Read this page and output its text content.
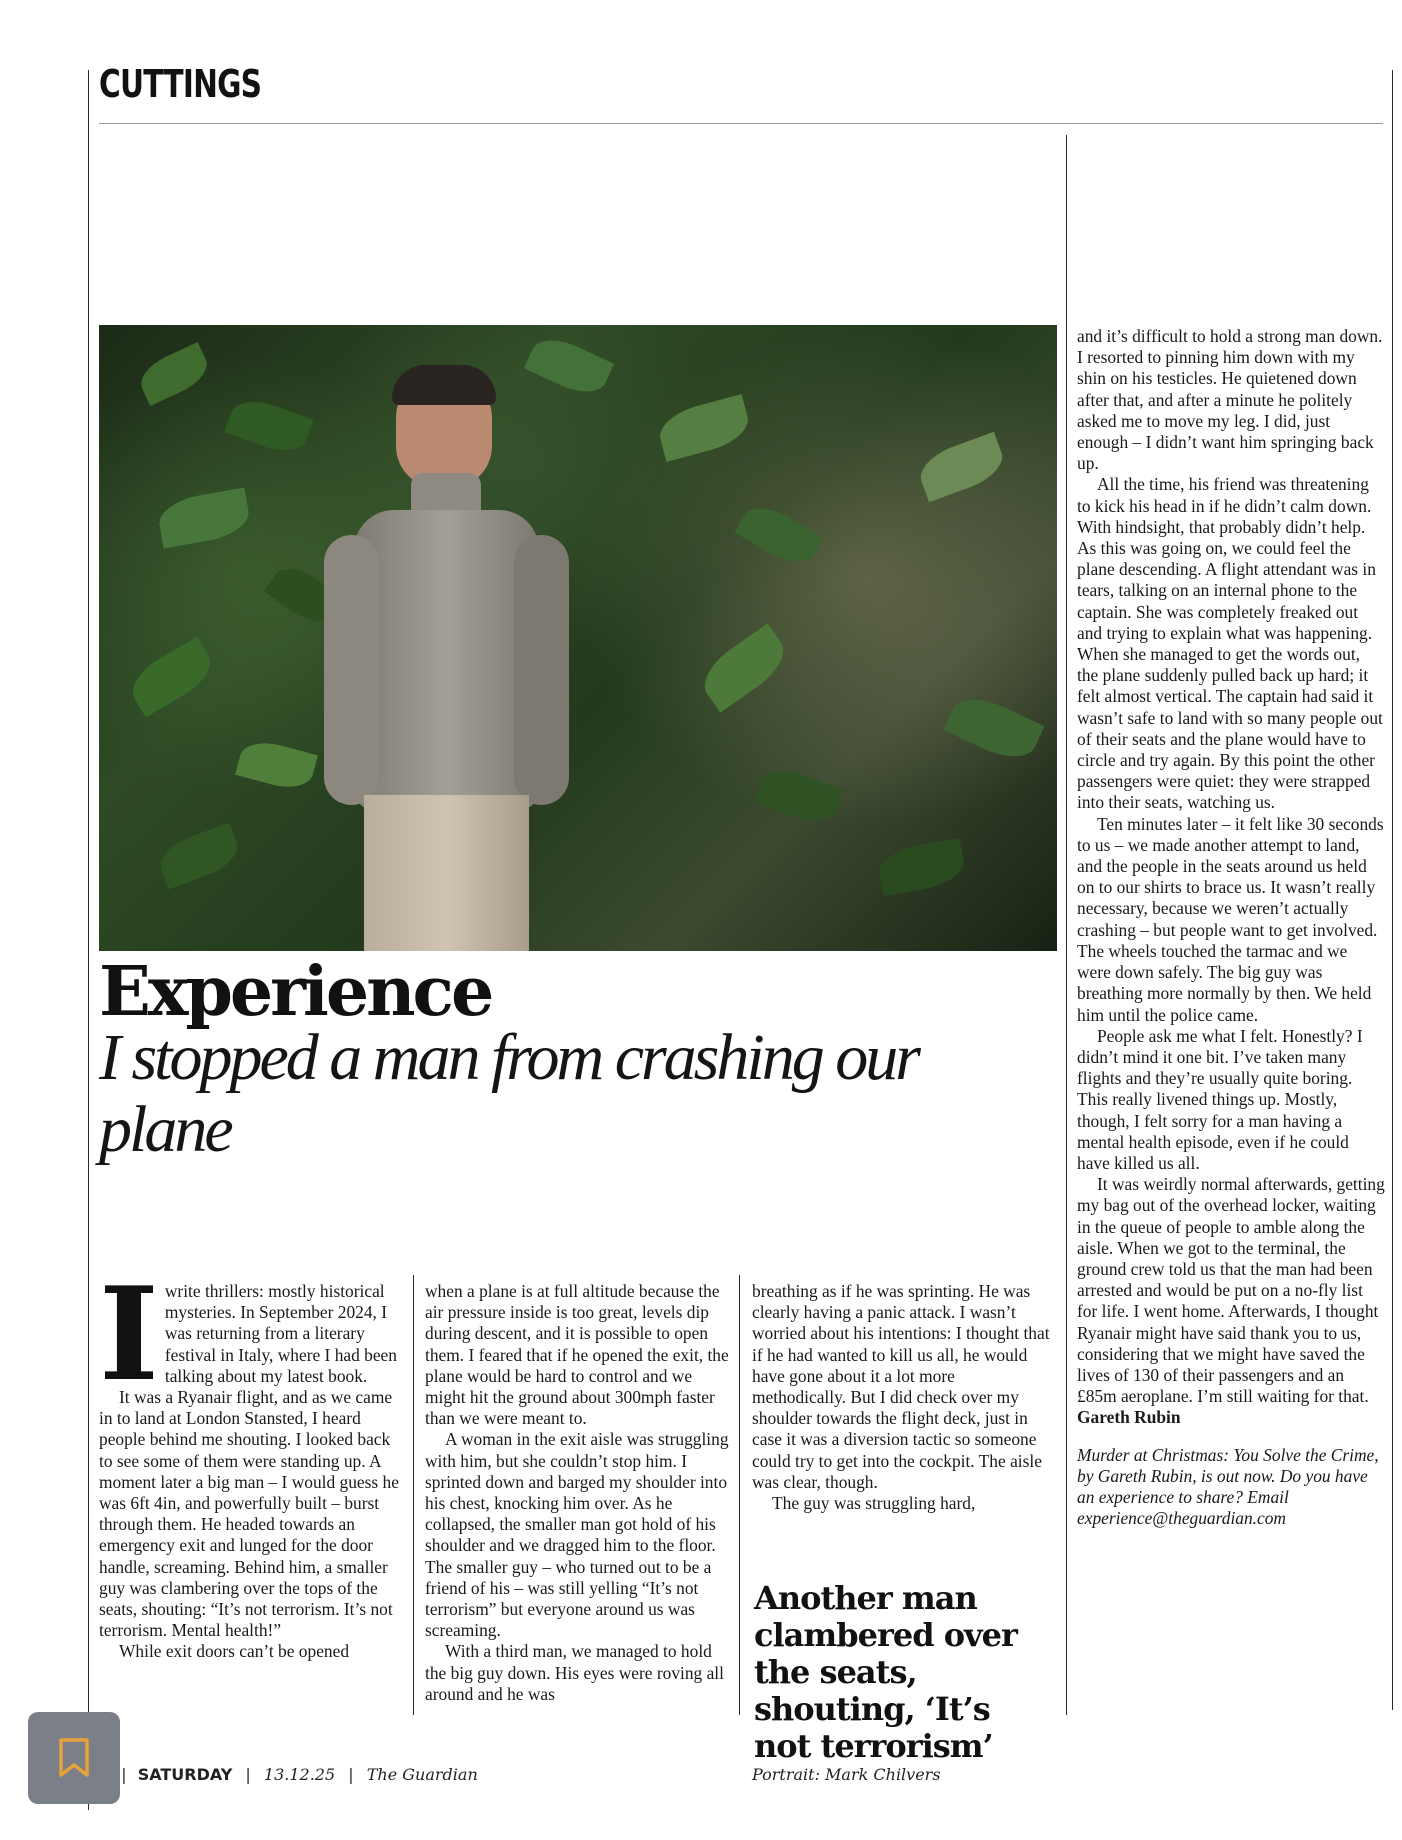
CUTTINGS
Experience
I stopped a man from crashing our plane
I write thrillers: mostly historical mysteries. In September 2024, I was returning from a literary festival in Italy, where I had been talking about my latest book.

It was a Ryanair flight, and as we came in to land at London Stansted, I heard people behind me shouting. I looked back to see some of them were standing up. A moment later a big man – I would guess he was 6ft 4in, and powerfully built – burst through them. He headed towards an emergency exit and lunged for the door handle, screaming. Behind him, a smaller guy was clambering over the tops of the seats, shouting: “It’s not terrorism. It’s not terrorism. Mental health!”

While exit doors can’t be opened

when a plane is at full altitude because the air pressure inside is too great, levels dip during descent, and it is possible to open them. I feared that if he opened the exit, the plane would be hard to control and we might hit the ground about 300mph faster than we were meant to.

A woman in the exit aisle was struggling with him, but she couldn’t stop him. I sprinted down and barged my shoulder into his chest, knocking him over. As he collapsed, the smaller man got hold of his shoulder and we dragged him to the floor. The smaller guy – who turned out to be a friend of his – was still yelling “It’s not terrorism” but everyone around us was screaming.

With a third man, we managed to hold the big guy down. His eyes were roving all around and he was

breathing as if he was sprinting. He was clearly having a panic attack. I wasn’t worried about his intentions: I thought that if he had wanted to kill us all, he would have gone about it a lot more methodically. But I did check over my shoulder towards the flight deck, just in case it was a diversion tactic so someone could try to get into the cockpit. The aisle was clear, though.

The guy was struggling hard,

Another man clambered over the seats, shouting, ‘It’s not terrorism’

and it’s difficult to hold a strong man down. I resorted to pinning him down with my shin on his testicles. He quietened down after that, and after a minute he politely asked me to move my leg. I did, just enough – I didn’t want him springing back up.

All the time, his friend was threatening to kick his head in if he didn’t calm down. With hindsight, that probably didn’t help. As this was going on, we could feel the plane descending. A flight attendant was in tears, talking on an internal phone to the captain. She was completely freaked out and trying to explain what was happening. When she managed to get the words out, the plane suddenly pulled back up hard; it felt almost vertical. The captain had said it wasn’t safe to land with so many people out of their seats and the plane would have to circle and try again. By this point the other passengers were quiet: they were strapped into their seats, watching us.

Ten minutes later – it felt like 30 seconds to us – we made another attempt to land, and the people in the seats around us held on to our shirts to brace us. It wasn’t really necessary, because we weren’t actually crashing – but people want to get involved. The wheels touched the tarmac and we were down safely. The big guy was breathing more normally by then. We held him until the police came.

People ask me what I felt. Honestly? I didn’t mind it one bit. I’ve taken many flights and they’re usually quite boring. This really livened things up. Mostly, though, I felt sorry for a man having a mental health episode, even if he could have killed us all.

It was weirdly normal afterwards, getting my bag out of the overhead locker, waiting in the queue of people to amble along the aisle. When we got to the terminal, the ground crew told us that the man had been arrested and would be put on a no-fly list for life. I went home. Afterwards, I thought Ryanair might have said thank you to us, considering that we might have saved the lives of 130 of their passengers and an £85m aeroplane. I’m still waiting for that.

Gareth Rubin

Murder at Christmas: You Solve the Crime, by Gareth Rubin, is out now. Do you have an experience to share? Email experience@theguardian.com

| SATURDAY | 13.12.25 | The Guardian	Portrait: Mark Chilvers
